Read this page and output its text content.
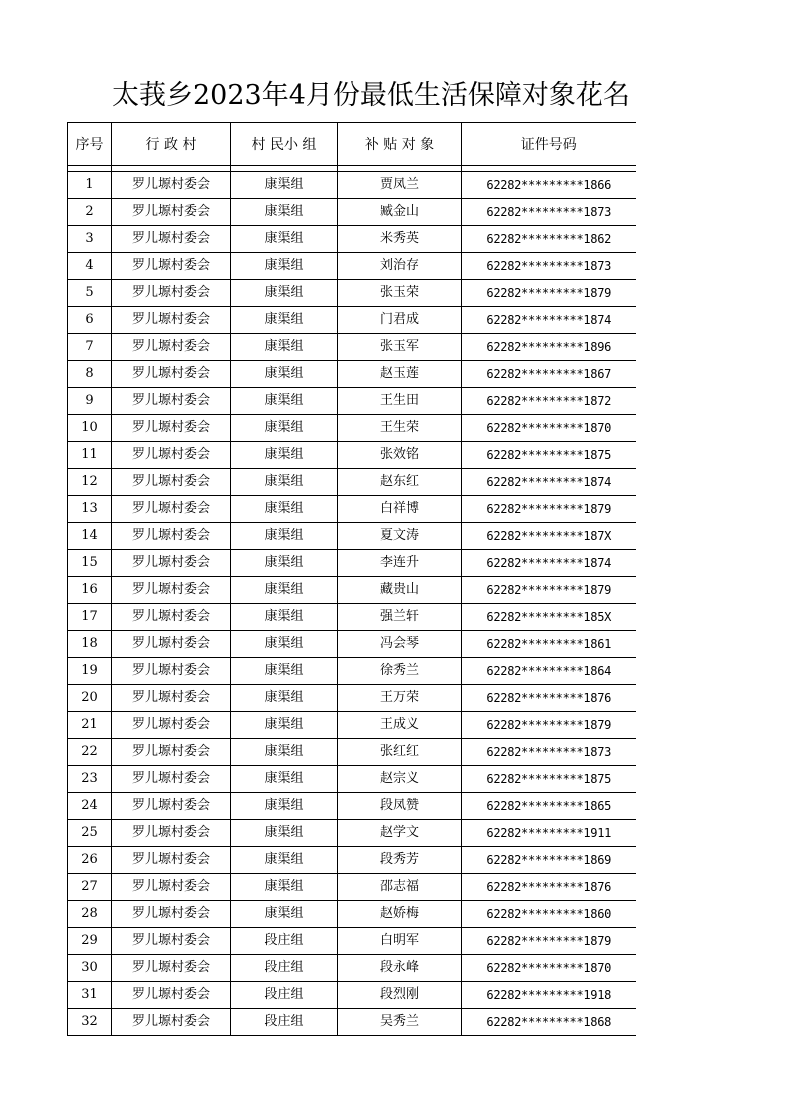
太莪乡2023年4月份最低生活保障对象花名
序号	行 政 村	村 民小 组	补 贴 对 象	证件号码

1	罗儿塬村委会	康渠组	贾凤兰	62282*********1866
2	罗儿塬村委会	康渠组	臧金山	62282*********1873
3	罗儿塬村委会	康渠组	米秀英	62282*********1862
4	罗儿塬村委会	康渠组	刘治存	62282*********1873
5	罗儿塬村委会	康渠组	张玉荣	62282*********1879
6	罗儿塬村委会	康渠组	门君成	62282*********1874
7	罗儿塬村委会	康渠组	张玉军	62282*********1896
8	罗儿塬村委会	康渠组	赵玉莲	62282*********1867
9	罗儿塬村委会	康渠组	王生田	62282*********1872
10	罗儿塬村委会	康渠组	王生荣	62282*********1870
11	罗儿塬村委会	康渠组	张效铭	62282*********1875
12	罗儿塬村委会	康渠组	赵东红	62282*********1874
13	罗儿塬村委会	康渠组	白祥博	62282*********1879
14	罗儿塬村委会	康渠组	夏文涛	62282*********187X
15	罗儿塬村委会	康渠组	李连升	62282*********1874
16	罗儿塬村委会	康渠组	藏贵山	62282*********1879
17	罗儿塬村委会	康渠组	强兰轩	62282*********185X
18	罗儿塬村委会	康渠组	冯会琴	62282*********1861
19	罗儿塬村委会	康渠组	徐秀兰	62282*********1864
20	罗儿塬村委会	康渠组	王万荣	62282*********1876
21	罗儿塬村委会	康渠组	王成义	62282*********1879
22	罗儿塬村委会	康渠组	张红红	62282*********1873
23	罗儿塬村委会	康渠组	赵宗义	62282*********1875
24	罗儿塬村委会	康渠组	段凤赞	62282*********1865
25	罗儿塬村委会	康渠组	赵学文	62282*********1911
26	罗儿塬村委会	康渠组	段秀芳	62282*********1869
27	罗儿塬村委会	康渠组	邵志福	62282*********1876
28	罗儿塬村委会	康渠组	赵娇梅	62282*********1860
29	罗儿塬村委会	段庄组	白明军	62282*********1879
30	罗儿塬村委会	段庄组	段永峰	62282*********1870
31	罗儿塬村委会	段庄组	段烈刚	62282*********1918
32	罗儿塬村委会	段庄组	吴秀兰	62282*********1868
